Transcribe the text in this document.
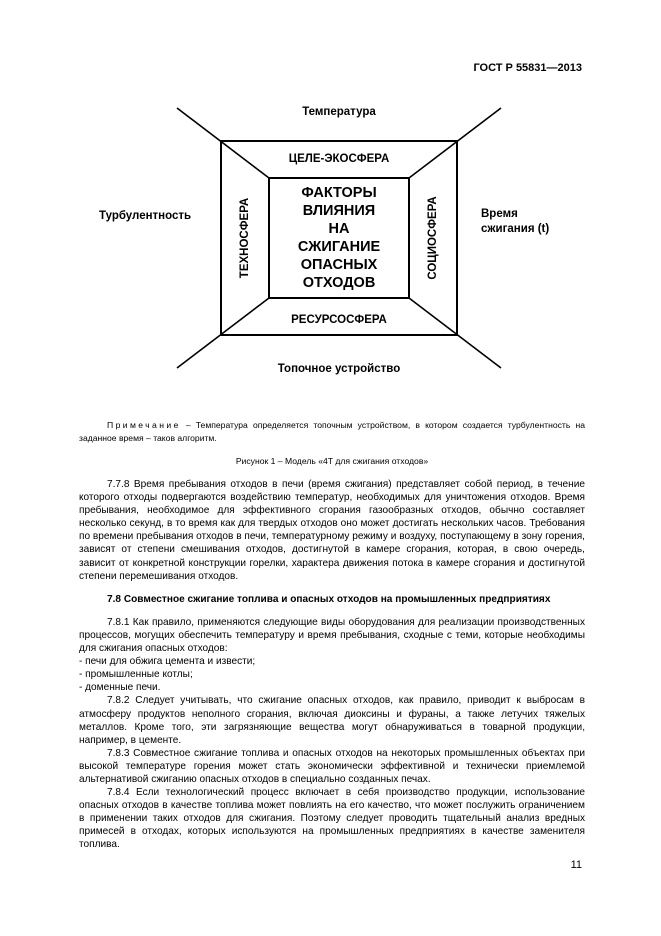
ГОСТ Р 55831—2013
Температура
ЦЕЛЕ-ЭКОСФЕРА
РЕСУРСОСФЕРА
Топочное устройство
Турбулентность	Время
сжигания (t)
ТЕХНОСФЕРА	СОЦИОСФЕРА
ФАКТОРЫ
ВЛИЯНИЯ
НА
СЖИГАНИЕ
ОПАСНЫХ
ОТХОДОВ
Примечание – Температура определяется топочным устройством, в котором создается турбулентность на заданное время – таков алгоритм.
Рисунок 1 – Модель «4Т для сжигания отходов»

7.7.8 Время пребывания отходов в печи (время сжигания) представляет собой период, в течение которого отходы подвергаются воздействию температур, необходимых для уничтожения отходов. Время пребывания, необходимое для эффективного сгорания газообразных отходов, обычно составляет несколько секунд, в то время как для твердых отходов оно может достигать нескольких часов. Требования по времени пребывания отходов в печи, температурному режиму и воздуху, поступающему в зону горения, зависят от степени смешивания отходов, достигнутой в камере сгорания, которая, в свою очередь, зависит от конкретной конструкции горелки, характера движения потока в камере сгорания и достигнутой степени перемешивания отходов.

7.8 Совместное сжигание топлива и опасных отходов на промышленных предприятиях

7.8.1 Как правило, применяются следующие виды оборудования для реализации производственных процессов, могущих обеспечить температуру и время пребывания, сходные с теми, которые необходимы для сжигания опасных отходов:

- печи для обжига цемента и извести;

- промышленные котлы;

- доменные печи.

7.8.2 Следует учитывать, что сжигание опасных отходов, как правило, приводит к выбросам в атмосферу продуктов неполного сгорания, включая диоксины и фураны, а также летучих тяжелых металлов. Кроме того, эти загрязняющие вещества могут обнаруживаться в товарной продукции, например, в цементе.

7.8.3 Совместное сжигание топлива и опасных отходов на некоторых промышленных объектах при высокой температуре горения может стать экономически эффективной и технически приемлемой альтернативой сжиганию опасных отходов в специально созданных печах.

7.8.4 Если технологический процесс включает в себя производство продукции, использование опасных отходов в качестве топлива может повлиять на его качество, что может послужить ограничением в применении таких отходов для сжигания. Поэтому следует проводить тщательный анализ вредных примесей в отходах, которых используются на промышленных предприятиях в качестве заменителя топлива.

11
